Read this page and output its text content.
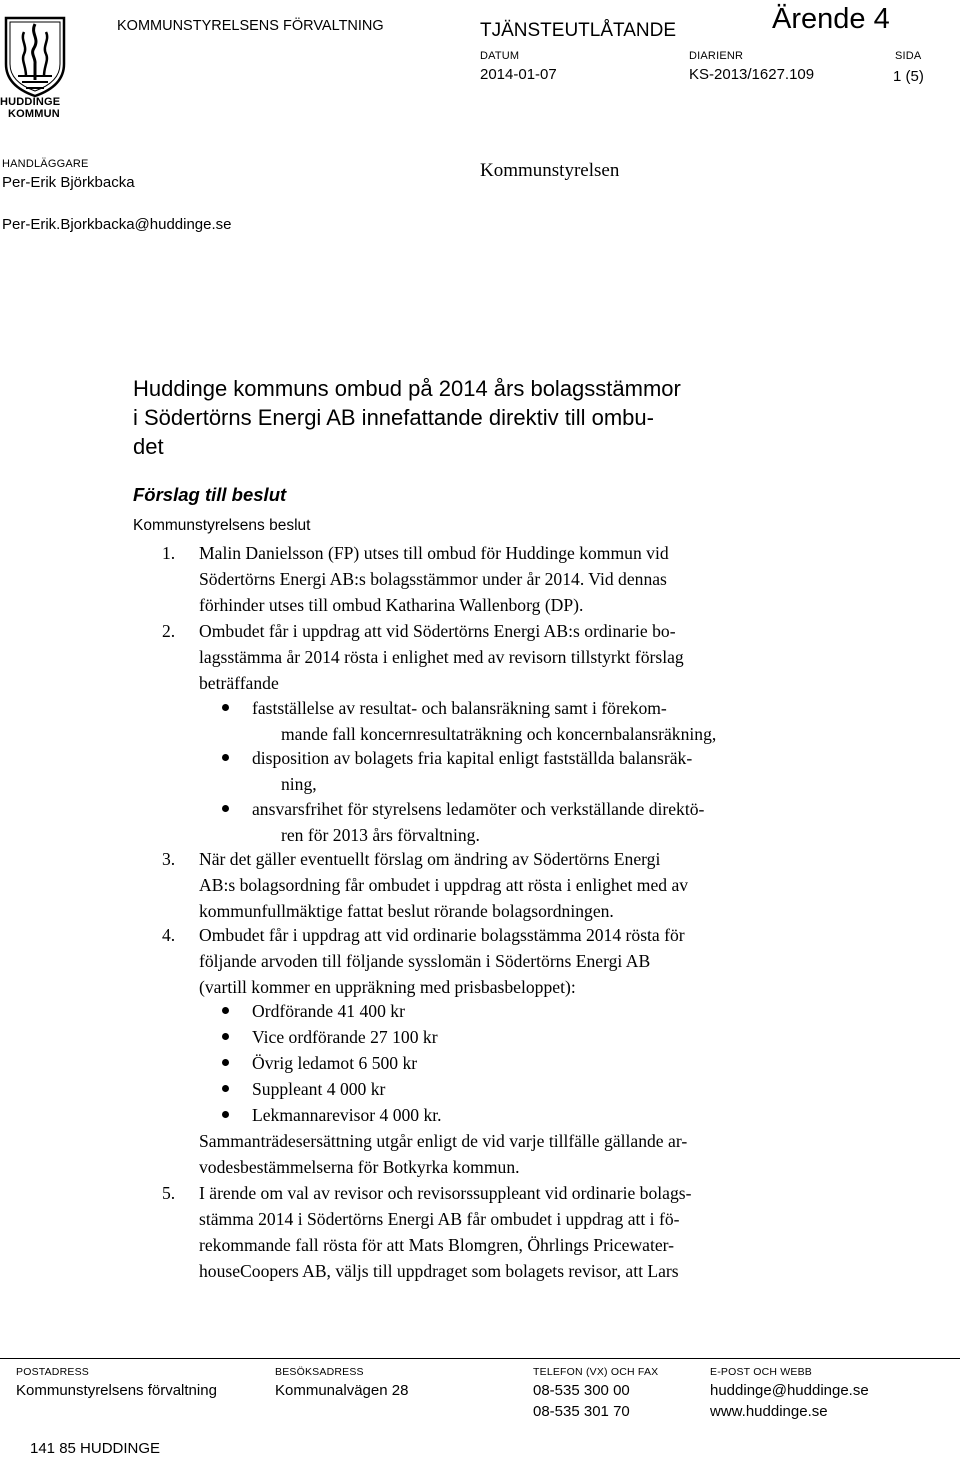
HUDDINGE
KOMMUN
KOMMUNSTYRELSENS FÖRVALTNING	TJÄNSTEUTLÅTANDE	Ärende 4
DATUM
2014-01-07
DIARIENR
KS-2013/1627.109
SIDA
1 (5)
HANDLÄGGARE
Per-Erik Björkbacka
Kommunstyrelsen
Per-Erik.Bjorkbacka@huddinge.se
Huddinge kommuns ombud på 2014 års bolagsstämmor
i Södertörns Energi AB innefattande direktiv till ombu-
det
Förslag till beslut
Kommunstyrelsens beslut
1. Malin Danielsson (FP) utses till ombud för Huddinge kommun vid
Södertörns Energi AB:s bolagsstämmor under år 2014. Vid dennas
förhinder utses till ombud Katharina Wallenborg (DP).
2. Ombudet får i uppdrag att vid Södertörns Energi AB:s ordinarie bo-
lagsstämma år 2014 rösta i enlighet med av revisorn tillstyrkt förslag
beträffande
fastställelse av resultat- och balansräkning samt i förekom-
mande fall koncernresultaträkning och koncernbalansräkning,
disposition av bolagets fria kapital enligt fastställda balansräk-
ning,
ansvarsfrihet för styrelsens ledamöter och verkställande direktö-
ren för 2013 års förvaltning.
3. När det gäller eventuellt förslag om ändring av Södertörns Energi
AB:s bolagsordning får ombudet i uppdrag att rösta i enlighet med av
kommunfullmäktige fattat beslut rörande bolagsordningen.
4. Ombudet får i uppdrag att vid ordinarie bolagsstämma 2014 rösta för
följande arvoden till följande sysslomän i Södertörns Energi AB
(vartill kommer en uppräkning med prisbasbeloppet):
Ordförande 41 400 kr
Vice ordförande 27 100 kr
Övrig ledamot 6 500 kr
Suppleant 4 000 kr
Lekmannarevisor 4 000 kr.
Sammanträdesersättning utgår enligt de vid varje tillfälle gällande ar-
vodesbestämmelserna för Botkyrka kommun.
5. I ärende om val av revisor och revisorssuppleant vid ordinarie bolags-
stämma 2014 i Södertörns Energi AB får ombudet i uppdrag att i fö-
rekommande fall rösta för att Mats Blomgren, Öhrlings Pricewater-
houseCoopers AB, väljs till uppdraget som bolagets revisor, att Lars
POSTADRESS
Kommunstyrelsens förvaltning
141 85 HUDDINGE
BESÖKSADRESS
Kommunalvägen 28
TELEFON (VX) OCH FAX
08-535 300 00
08-535 301 70
E-POST OCH WEBB
huddinge@huddinge.se
www.huddinge.se
